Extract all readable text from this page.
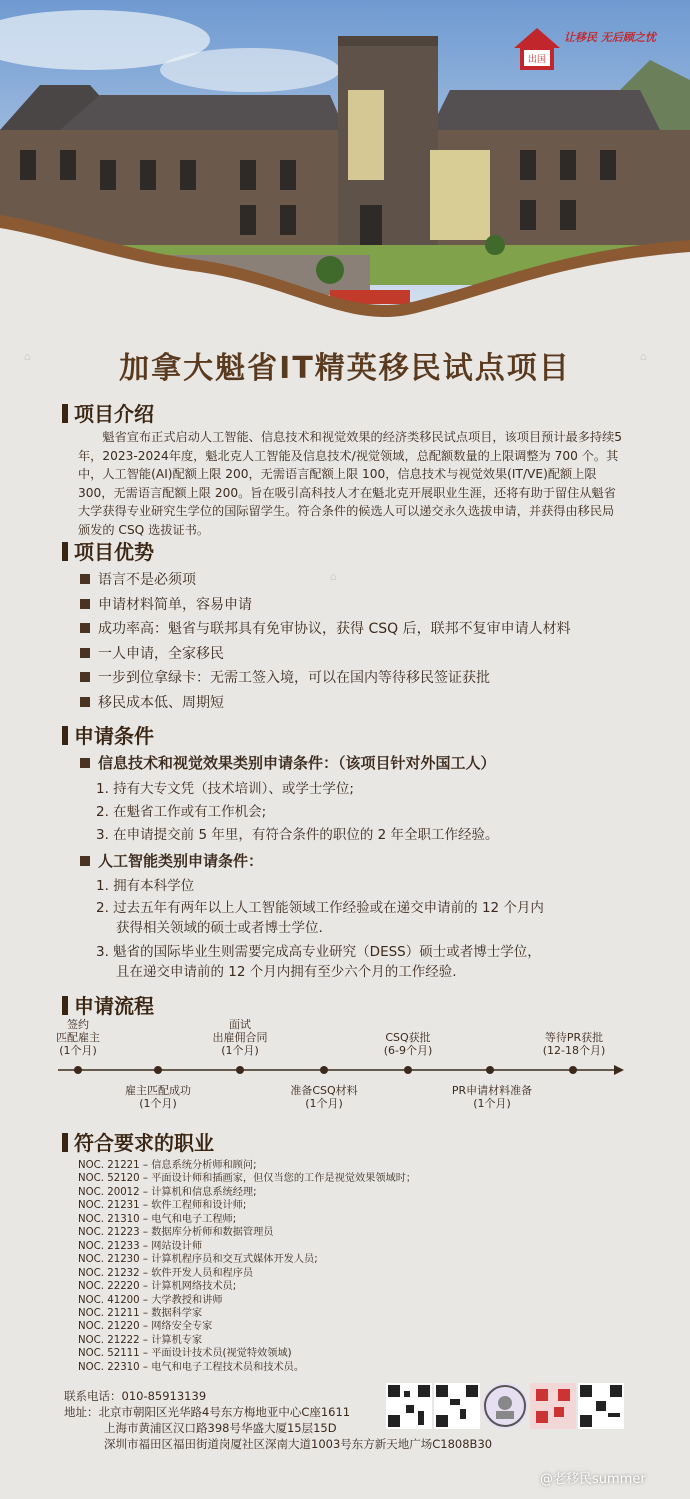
出国
让移民 无后顾之忧
⌂
⌂
⌂
加拿大魁省IT精英移民试点项目
项目介绍
魁省宣布正式启动人工智能、信息技术和视觉效果的经济类移民试点项目，该项目预计最多持续5年，2023-2024年度，魁北克人工智能及信息技术/视觉领域，总配额数量的上限调整为 700 个。其中，人工智能(AI)配额上限 200，无需语言配额上限 100，信息技术与视觉效果(IT/VE)配额上限300，无需语言配额上限 200。旨在吸引高科技人才在魁北克开展职业生涯，还将有助于留住从魁省大学获得专业研究生学位的国际留学生。符合条件的候选人可以递交永久选拔申请，并获得由移民局颁发的 CSQ 选拔证书。
项目优势
语言不是必须项
申请材料简单，容易申请
成功率高：魁省与联邦具有免审协议，获得 CSQ 后，联邦不复审申请人材料
一人申请，全家移民
一步到位拿绿卡：无需工签入境，可以在国内等待移民签证获批
移民成本低、周期短
申请条件
信息技术和视觉效果类别申请条件：（该项目针对外国工人）
1. 持有大专文凭（技术培训）、或学士学位;
2. 在魁省工作或有工作机会;
3. 在申请提交前 5 年里，有符合条件的职位的 2 年全职工作经验。
人工智能类别申请条件：
1. 拥有本科学位
2. 过去五年有两年以上人工智能领域工作经验或在递交申请前的 12 个月内
获得相关领域的硕士或者博士学位.
3. 魁省的国际毕业生则需要完成高专业研究（DESS）硕士或者博士学位，
且在递交申请前的 12 个月内拥有至少六个月的工作经验.
申请流程
签约
匹配雇主
(1个月)
面试
出雇佣合同
(1个月)
CSQ获批
(6-9个月)
等待PR获批
(12-18个月)
雇主匹配成功
(1个月)
准备CSQ材料
(1个月)
PR申请材料准备
(1个月)
符合要求的职业
NOC. 21221 – 信息系统分析师和顾问;
NOC. 52120 – 平面设计师和插画家，但仅当您的工作是视觉效果领域时；
NOC. 20012 – 计算机和信息系统经理;
NOC. 21231 – 软件工程师和设计师;
NOC. 21310 – 电气和电子工程师;
NOC. 21223 – 数据库分析师和数据管理员
NOC. 21233 – 网站设计师
NOC. 21230 – 计算机程序员和交互式媒体开发人员;
NOC. 21232 – 软件开发人员和程序员
NOC. 22220 – 计算机网络技术员;
NOC. 41200 – 大学教授和讲师
NOC. 21211 – 数据科学家
NOC. 21220 – 网络安全专家
NOC. 21222 – 计算机专家
NOC. 52111 – 平面设计技术员(视觉特效领域)
NOC. 22310 – 电气和电子工程技术员和技术员。
联系电话：010-85913139
地址：北京市朝阳区光华路4号东方梅地亚中心C座1611
上海市黄浦区汉口路398号华盛大厦15层15D
深圳市福田区福田街道岗厦社区深南大道1003号东方新天地广场C1808B30
@老移民summer
